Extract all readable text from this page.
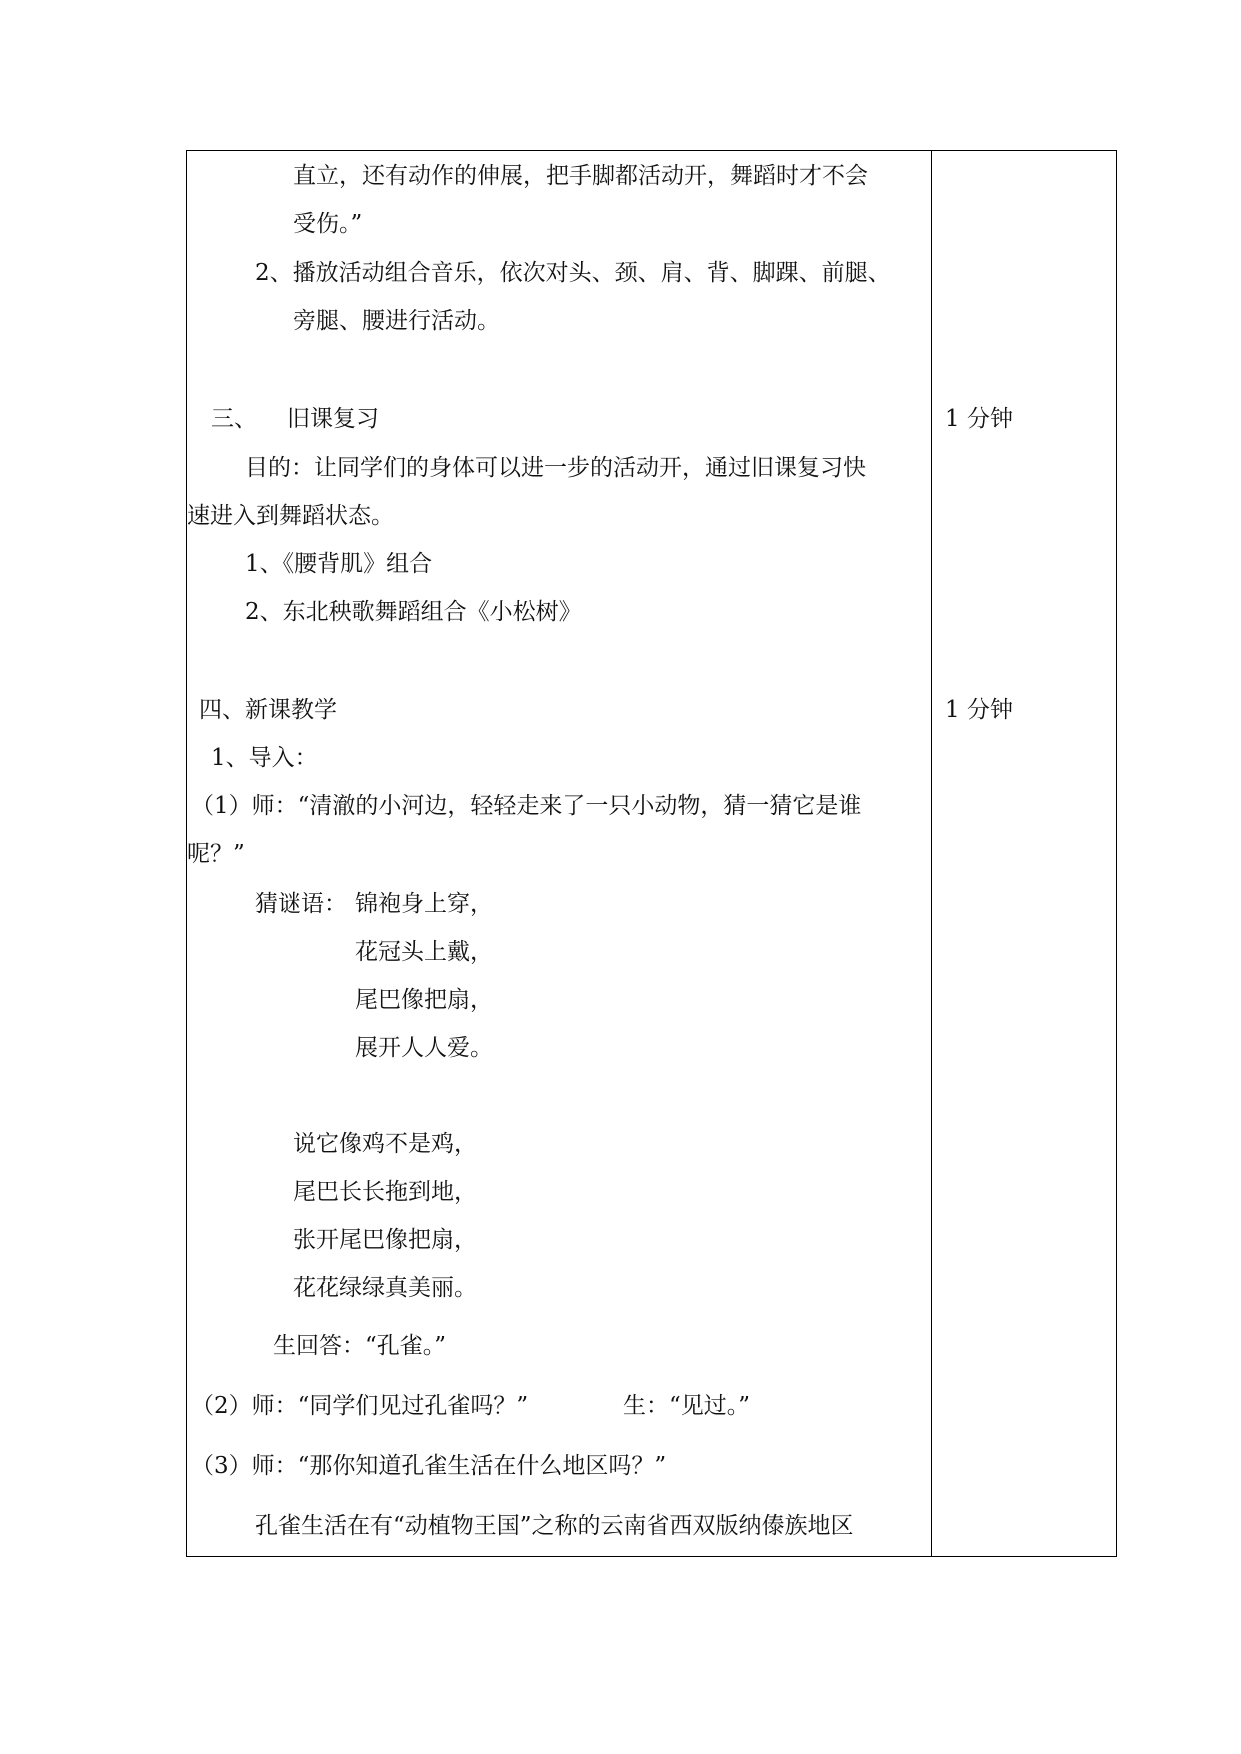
直立，还有动作的伸展，把手脚都活动开，舞蹈时才不会
受伤。”
2、播放活动组合音乐，依次对头、颈、肩、背、脚踝、前腿、
旁腿、腰进行活动。
三、 旧课复习
目的：让同学们的身体可以进一步的活动开，通过旧课复习快
速进入到舞蹈状态。
1、《腰背肌》组合
2、东北秧歌舞蹈组合《小松树》
四、新课教学
1、导入：
（1）师：“清澈的小河边，轻轻走来了一只小动物，猜一猜它是谁
呢？”
猜谜语： 锦袍身上穿，
花冠头上戴，
尾巴像把扇，
展开人人爱。
说它像鸡不是鸡，
尾巴长长拖到地，
张开尾巴像把扇，
花花绿绿真美丽。
生回答：“孔雀。”
（2）师：“同学们见过孔雀吗？”	生：“见过。”
（3）师：“那你知道孔雀生活在什么地区吗？”
孔雀生活在有“动植物王国”之称的云南省西双版纳傣族地区
1 分钟
1 分钟
